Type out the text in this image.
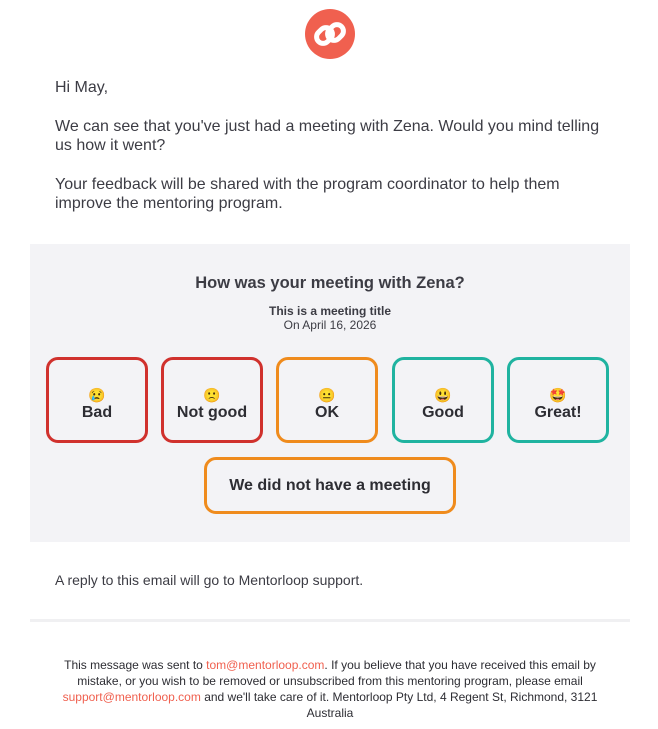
Hi May,

We can see that you've just had a meeting with Zena. Would you mind telling us how it went?

Your feedback will be shared with the program coordinator to help them improve the mentoring program.

How was your meeting with Zena?
This is a meeting title
On April 16, 2026
😢
Bad
🙁
Not good
😐
OK
😃
Good
🤩
Great!
We did not have a meeting
A reply to this email will go to Mentorloop support.
This message was sent to tom@mentorloop.com. If you believe that you have received this email by mistake, or you wish to be removed or unsubscribed from this mentoring program, please email support@mentorloop.com and we'll take care of it. Mentorloop Pty Ltd, 4 Regent St, Richmond, 3121 Australia
